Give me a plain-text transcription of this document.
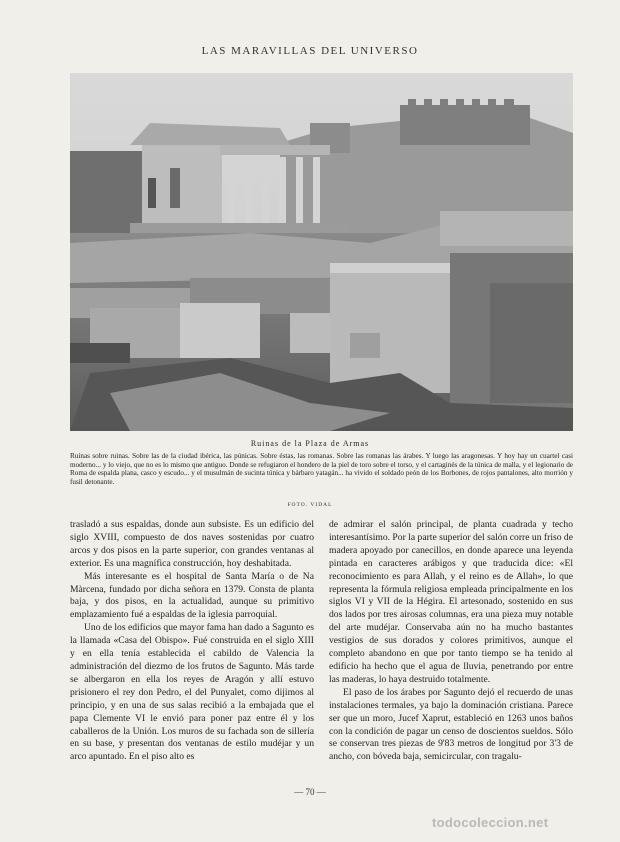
LAS MARAVILLAS DEL UNIVERSO
Ruinas de la Plaza de Armas
Ruinas sobre ruinas. Sobre las de la ciudad ibérica, las púnicas. Sobre éstas, las romanas. Sobre las romanas las árabes. Y luego las aragonesas. Y hoy hay un cuartel casi moderno... y lo viejo, que no es lo mismo que antiguo. Donde se refugiaron el hondero de la piel de toro sobre el torso, y el cartaginés de la túnica de malla, y el legionario de Roma de espalda plana, casco y escudo... y el musulmán de sucinta túnica y bárbaro yatagán... ha vivido el soldado peón de los Borbones, de rojos pantalones, alto morrión y fusil detonante.
FOTO. VIDAL

trasladó a sus espaldas, donde aun subsiste. Es un edificio del siglo XVIII, compuesto de dos naves sostenidas por cuatro arcos y dos pisos en la parte superior, con grandes ventanas al exterior. Es una magnífica construcción, hoy deshabitada.

Más interesante es el hospital de Santa María o de Na Màrcena, fundado por dicha señora en 1379. Consta de planta baja, y dos pisos, en la actualidad, aunque su primitivo emplazamiento fué a espaldas de la iglesia parroquial.

Uno de los edificios que mayor fama han dado a Sagunto es la llamada «Casa del Obispo». Fué construida en el siglo XIII y en ella tenía establecida el cabildo de Valencia la administración del diezmo de los frutos de Sagunto. Más tarde se albergaron en ella los reyes de Aragón y allí estuvo prisionero el rey don Pedro, el del Punyalet, como dijimos al principio, y en una de sus salas recibió a la embajada que el papa Clemente VI le envió para poner paz entre él y los caballeros de la Unión. Los muros de su fachada son de sillería en su base, y presentan dos ventanas de estilo mudéjar y un arco apuntado. En el piso alto es

de admirar el salón principal, de planta cuadrada y techo interesantísimo. Por la parte superior del salón corre un friso de madera apoyado por canecillos, en donde aparece una leyenda pintada en caracteres arábigos y que traducida dice: «El reconocimiento es para Allah, y el reino es de Allah», lo que representa la fórmula religiosa empleada principalmente en los siglos VI y VII de la Hégira. El artesonado, sostenido en sus dos lados por tres airosas columnas, era una pieza muy notable del arte mudéjar. Conservaba aún no ha mucho bastantes vestigios de sus dorados y colores primitivos, aunque el completo abandono en que por tanto tiempo se ha tenido al edificio ha hecho que el agua de lluvia, penetrando por entre las maderas, lo haya destruido totalmente.

El paso de los árabes por Sagunto dejó el recuerdo de unas instalaciones termales, ya bajo la dominación cristiana. Parece ser que un moro, Jucef Xaprut, estableció en 1263 unos baños con la condición de pagar un censo de doscientos sueldos. Sólo se conservan tres piezas de 9'83 metros de longitud por 3'3 de ancho, con bóveda baja, semicircular, con tragalu-

— 70 —
todocoleccion.net
